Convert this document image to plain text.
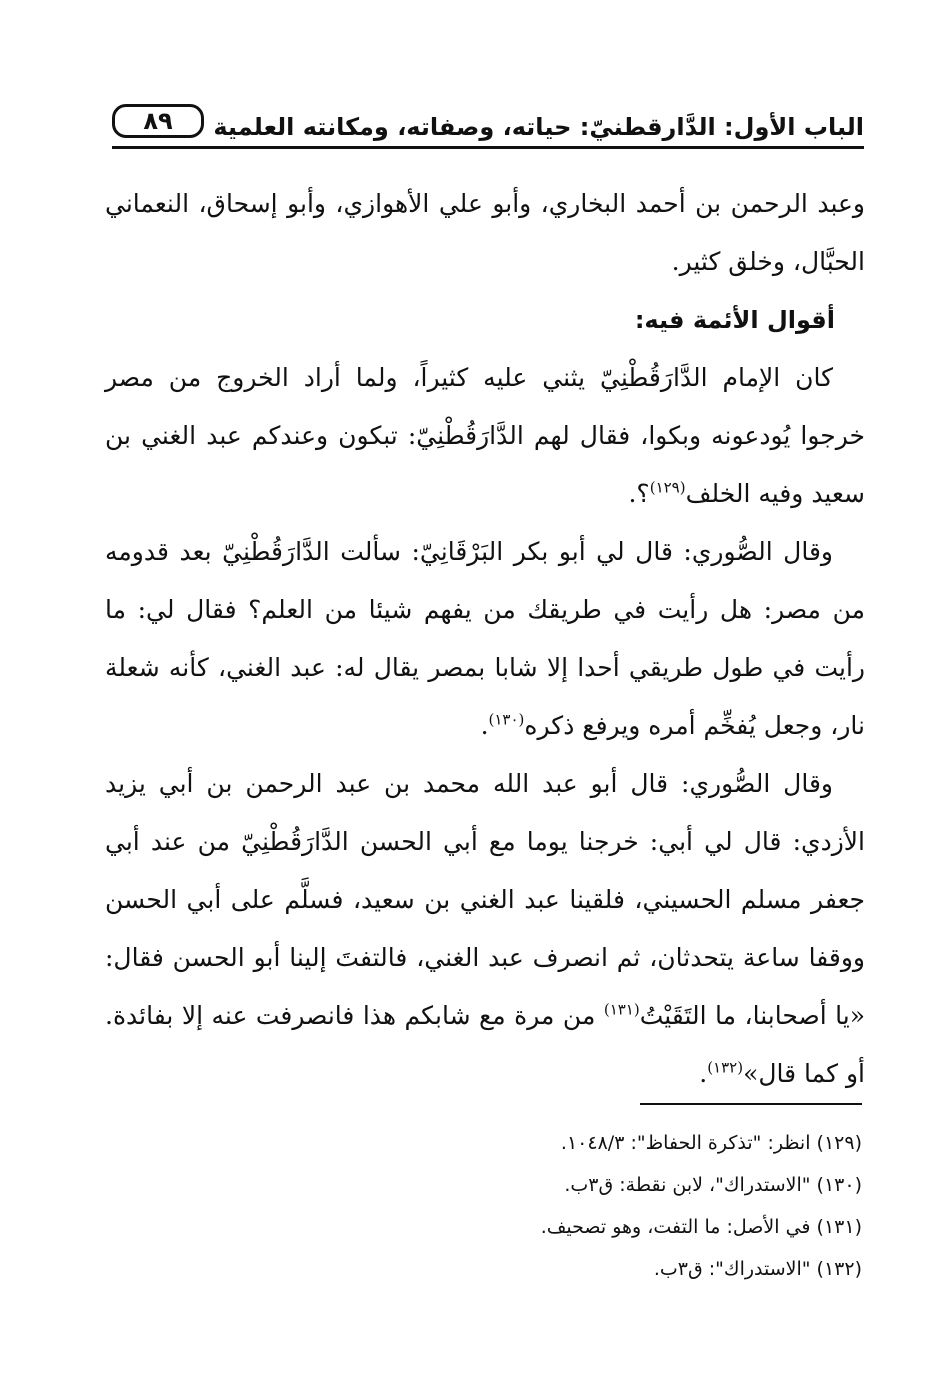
الباب الأول: الدَّارقطنيّ: حياته، وصفاته، ومكانته العلمية
٨٩

وعبد الرحمن بن أحمد البخاري، وأبو علي الأهوازي، وأبو إسحاق، النعماني الحبَّال، وخلق كثير.

أقوال الأئمة فيه:

كان الإمام الدَّارَقُطْنِيّ يثني عليه كثيراً، ولما أراد الخروج من مصر خرجوا يُودعونه وبكوا، فقال لهم الدَّارَقُطْنِيّ: تبكون وعندكم عبد الغني بن سعيد وفيه الخلف$^{(١٢٩)}$؟.

وقال الصُّوري: قال لي أبو بكر البَرْقَانِيّ: سألت الدَّارَقُطْنِيّ بعد قدومه من مصر: هل رأيت في طريقك من يفهم شيئا من العلم؟ فقال لي: ما رأيت في طول طريقي أحدا إلا شابا بمصر يقال له: عبد الغني، كأنه شعلة نار، وجعل يُفخِّم أمره ويرفع ذكره$^{(١٣٠)}$.

وقال الصُّوري: قال أبو عبد الله محمد بن عبد الرحمن بن أبي يزيد الأزدي: قال لي أبي: خرجنا يوما مع أبي الحسن الدَّارَقُطْنِيّ من عند أبي جعفر مسلم الحسيني، فلقينا عبد الغني بن سعيد، فسلَّم على أبي الحسن ووقفا ساعة يتحدثان، ثم انصرف عبد الغني، فالتفتَ إلينا أبو الحسن فقال: «يا أصحابنا، ما التَقَيْتُ$^{(١٣١)}$ من مرة مع شابكم هذا فانصرفت عنه إلا بفائدة. أو كما قال»$^{(١٣٢)}$.

(١٢٩) انظر: "تذكرة الحفاظ": ١٠٤٨/٣.

(١٣٠) "الاستدراك"، لابن نقطة: ق٣ب.

(١٣١) في الأصل: ما التفت، وهو تصحيف.

(١٣٢) "الاستدراك": ق٣ب.
